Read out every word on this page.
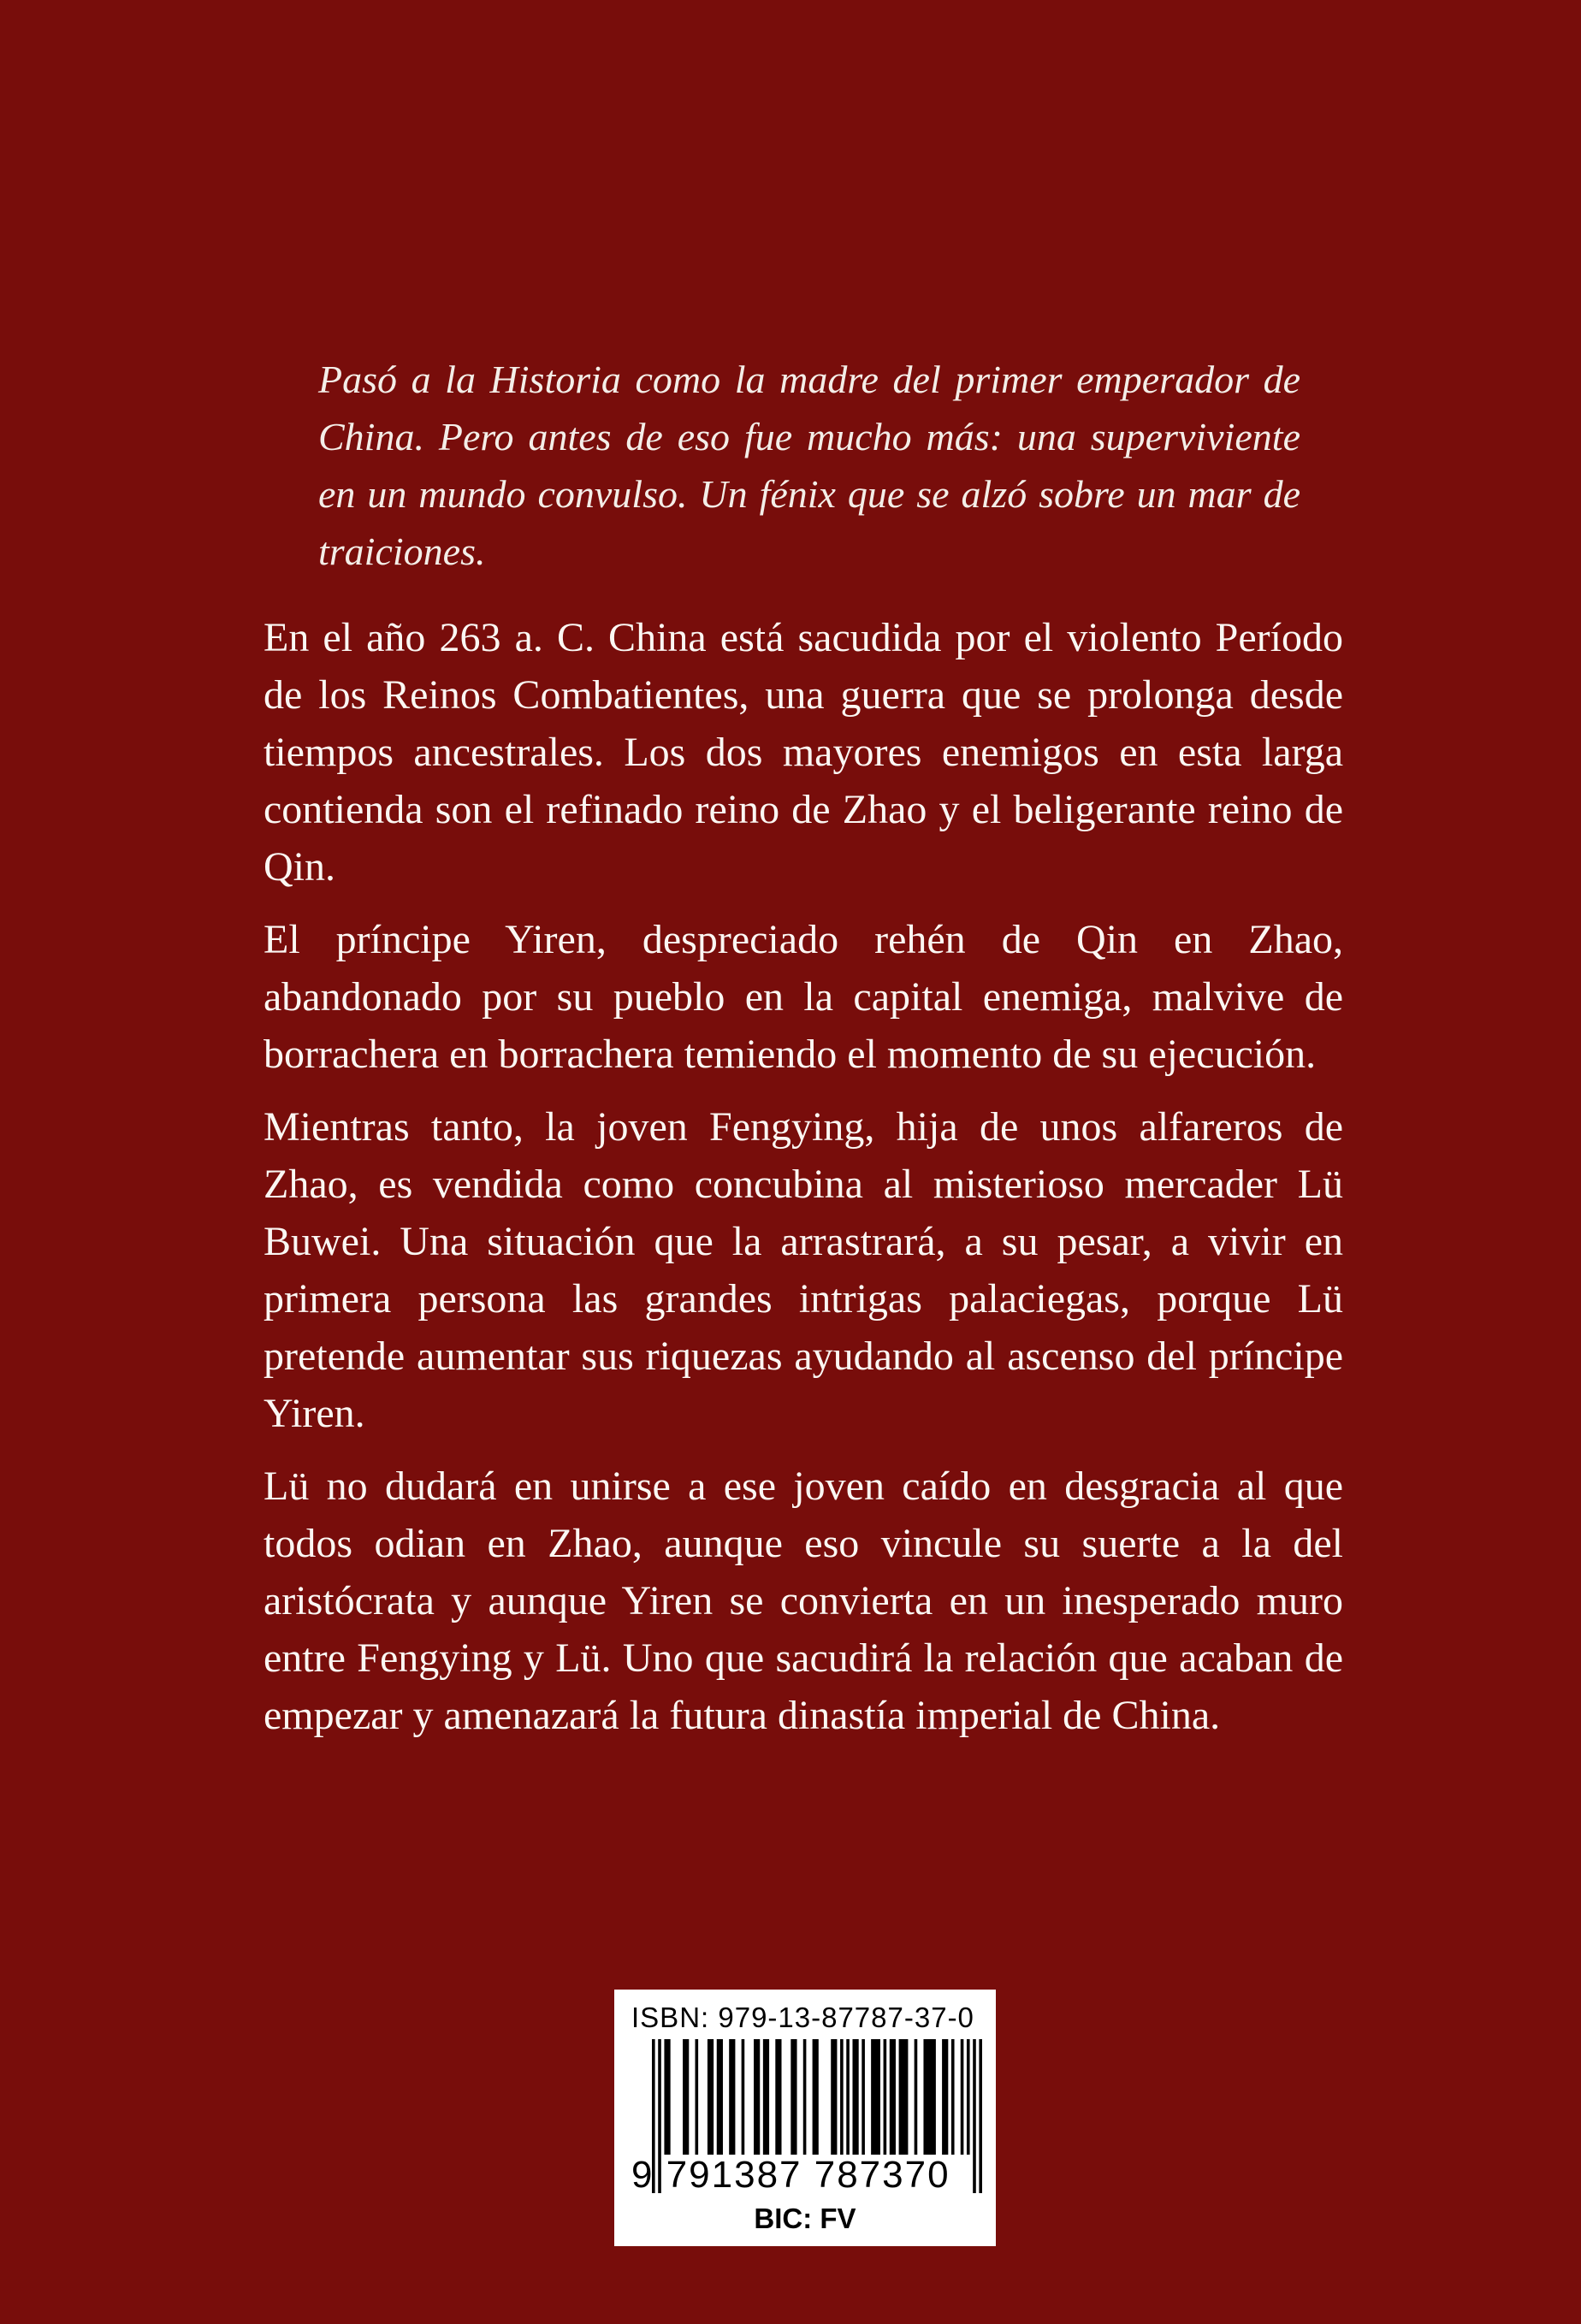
Pasó a la Historia como la madre del primer emperador de China. Pero antes de eso fue mucho más: una superviviente en un mundo convulso. Un fénix que se alzó sobre un mar de traiciones.

En el año 263 a. C. China está sacudida por el violento Período de los Reinos Combatientes, una guerra que se prolonga desde tiempos ancestrales. Los dos mayores enemigos en esta larga contienda son el refinado reino de Zhao y el beligerante reino de Qin.

El príncipe Yiren, despreciado rehén de Qin en Zhao, abandonado por su pueblo en la capital enemiga, malvive de borrachera en borrachera temiendo el momento de su ejecución.

Mientras tanto, la joven Fengying, hija de unos alfareros de Zhao, es vendida como concubina al misterioso mercader Lü Buwei. Una situación que la arrastrará, a su pesar, a vivir en primera persona las grandes intrigas palaciegas, porque Lü pretende aumentar sus riquezas ayudando al ascenso del príncipe Yiren.

Lü no dudará en unirse a ese joven caído en desgracia al que todos odian en Zhao, aunque eso vincule su suerte a la del aristócrata y aunque Yiren se convierta en un inesperado muro entre Fengying y Lü. Uno que sacudirá la relación que acaban de empezar y amenazará la futura dinastía imperial de China.

ISBN: 979-13-87787-37-0
9 791387 787370
BIC: FV
